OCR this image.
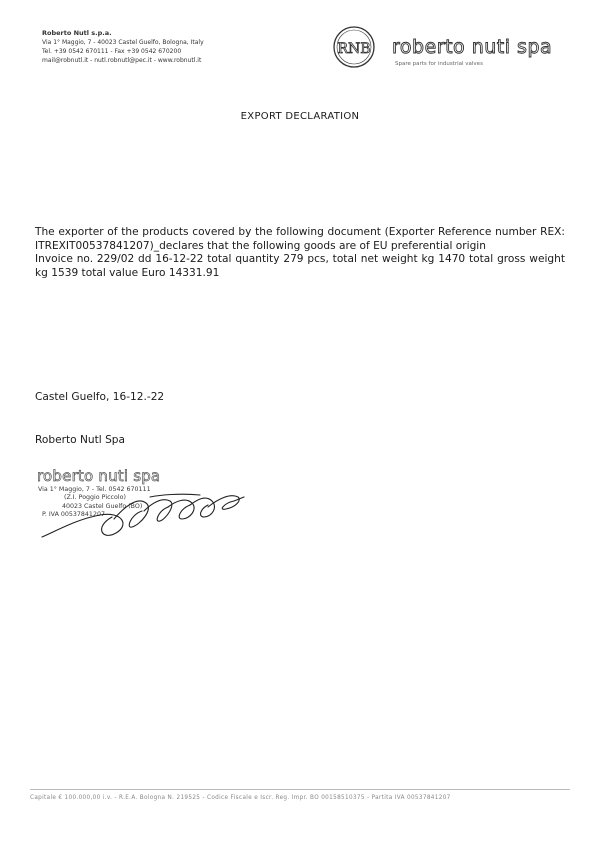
Roberto Nutl s.p.a.
Via 1° Maggio, 7 - 40023 Castel Guelfo, Bologna, Italy
Tel. +39 0542 670111 - Fax +39 0542 670200
mail@robnutl.it - nutl.robnutl@pec.it - www.robnutl.it
RNB roberto nuti spa
Spare parts for industrial valves
EXPORT DECLARATION

The exporter of the products covered by the following document (Exporter Reference number REX: ITREXIT00537841207)_declares that the following goods are of EU preferential origin

Invoice no. 229/02 dd 16-12-22 total quantity 279 pcs, total net weight kg 1470 total gross weight kg 1539 total value Euro 14331.91

Castel Guelfo, 16-12.-22
Roberto Nutl Spa
roberto nuti spa
Via 1° Maggio, 7 - Tel. 0542 670111
(Z.I. Poggio Piccolo)
40023 Castel Guelfo (BO)
P. IVA 00537841207
Capitale € 100.000,00 i.v. - R.E.A. Bologna N. 219525 - Codice Fiscale e Iscr. Reg. Impr. BO 00158510375 - Partita IVA 00537841207
